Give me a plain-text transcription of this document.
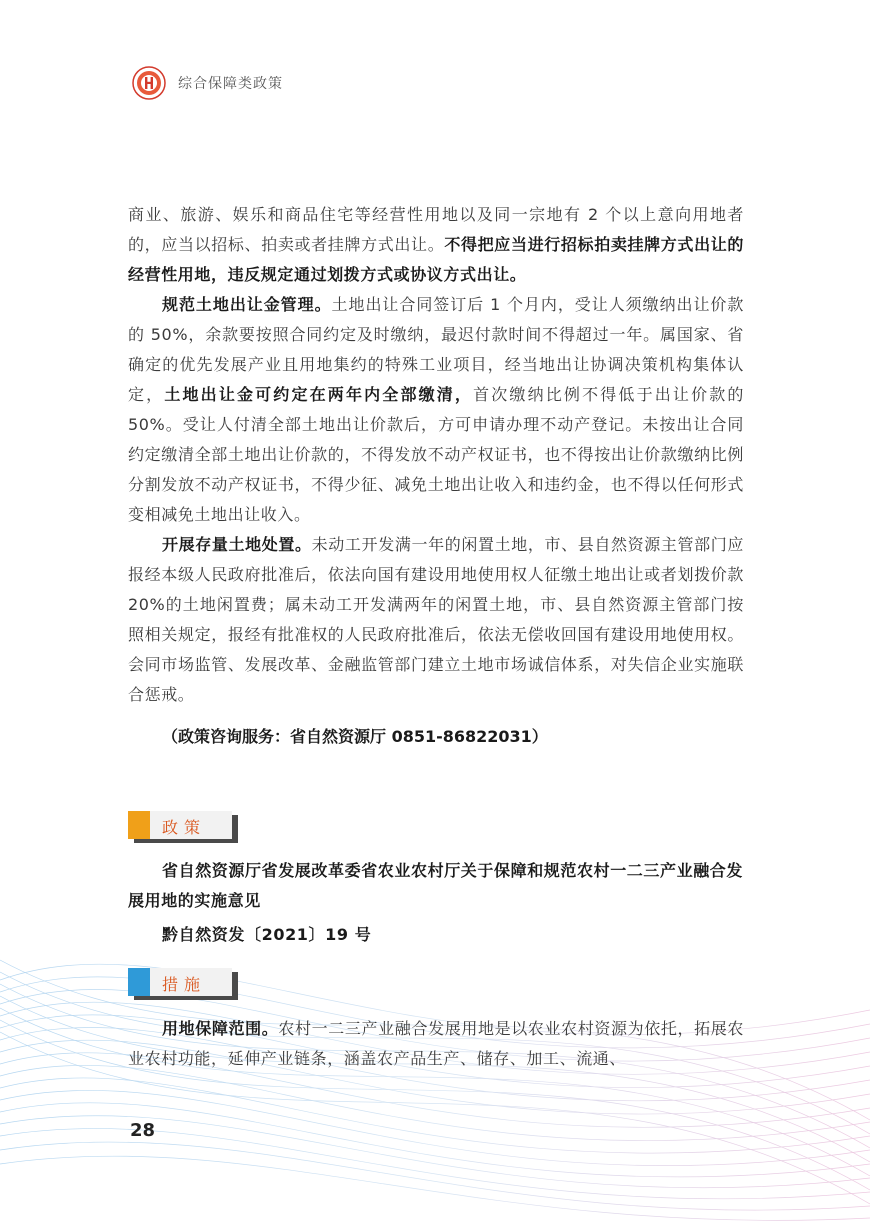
综合保障类政策

商业、旅游、娱乐和商品住宅等经营性用地以及同一宗地有 2 个以上意向用地者的，应当以招标、拍卖或者挂牌方式出让。不得把应当进行招标拍卖挂牌方式出让的经营性用地，违反规定通过划拨方式或协议方式出让。

规范土地出让金管理。土地出让合同签订后 1 个月内，受让人须缴纳出让价款的 50%，余款要按照合同约定及时缴纳，最迟付款时间不得超过一年。属国家、省确定的优先发展产业且用地集约的特殊工业项目，经当地出让协调决策机构集体认定，土地出让金可约定在两年内全部缴清，首次缴纳比例不得低于出让价款的 50%。受让人付清全部土地出让价款后，方可申请办理不动产登记。未按出让合同约定缴清全部土地出让价款的，不得发放不动产权证书，也不得按出让价款缴纳比例分割发放不动产权证书，不得少征、减免土地出让收入和违约金，也不得以任何形式变相减免土地出让收入。

开展存量土地处置。未动工开发满一年的闲置土地，市、县自然资源主管部门应报经本级人民政府批准后，依法向国有建设用地使用权人征缴土地出让或者划拨价款 20%的土地闲置费；属未动工开发满两年的闲置土地，市、县自然资源主管部门按照相关规定，报经有批准权的人民政府批准后，依法无偿收回国有建设用地使用权。会同市场监管、发展改革、金融监管部门建立土地市场诚信体系，对失信企业实施联合惩戒。

（政策咨询服务：省自然资源厅 0851-86822031）

政策

省自然资源厅省发展改革委省农业农村厅关于保障和规范农村一二三产业融合发展用地的实施意见

黔自然资发〔2021〕19 号
措施

用地保障范围。农村一二三产业融合发展用地是以农业农村资源为依托，拓展农业农村功能，延伸产业链条，涵盖农产品生产、储存、加工、流通、

28
